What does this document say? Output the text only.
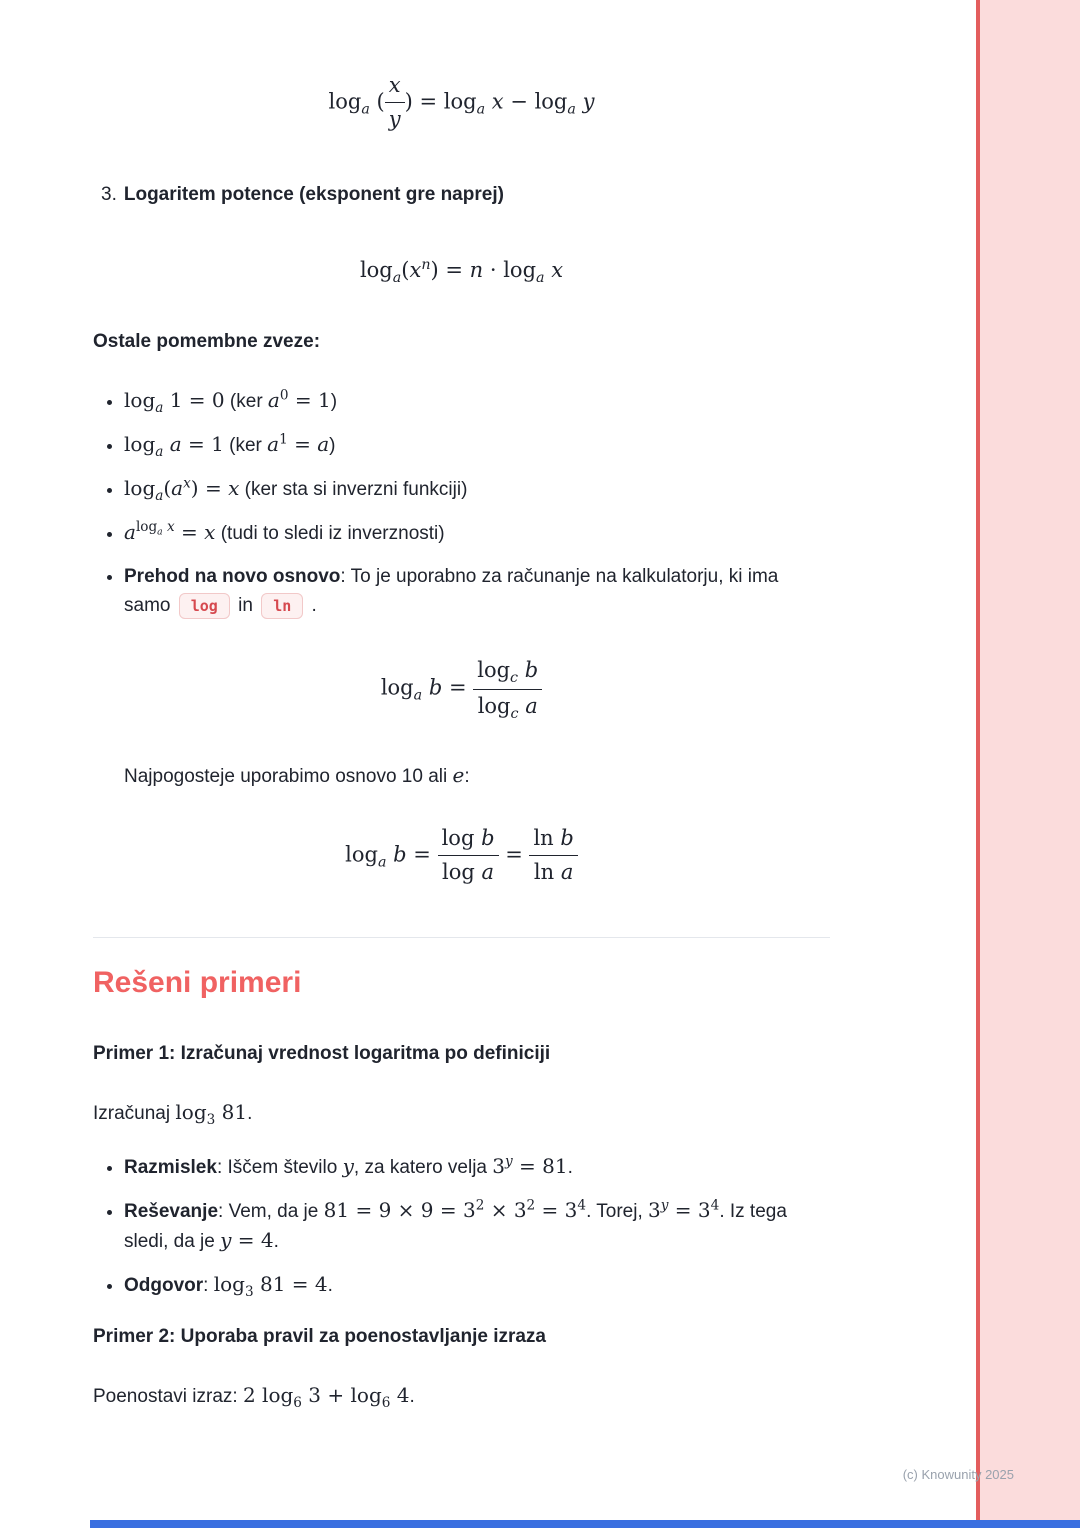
$\log_a$ ( $\frac{x}{y}$ ) = $\log_a x - \log_a y$
3. Logaritem potence (eksponent gre naprej)
$\log_a(x^n) = n \cdot \log_a x$
Ostale pomembne zveze:
• $\log_a 1 = 0$ (ker $a^0 = 1$)
• $\log_a a = 1$ (ker $a^1 = a$)
• $\log_a(a^x) = x$ (ker sta si inverzni funkciji)
• $a^{log_a x} = x$ (tudi to sledi iz inverznosti)
• Prehod na novo osnovo: To je uporabno za računanje na kalkulatorju, ki ima samo log in ln .
$\log_a b = \frac{\log_c b}{\log_c a}$

Najpogosteje uporabimo osnovo 10 ali e:

$\log_a b = \frac{\text{log b}}{\text{log a}} = \frac{\text{ln b}}{\text{ln a}}$
Rešeni primeri
Primer 1: Izračunaj vrednost logaritma po definiciji

Izračunaj $\log_3 81$.

• Razmislek: Iščem število y, za katero velja $3^y = 81$.
• Reševanje: Vem, da je $81 = 9 \times 9 = 3^2 \times 3^2 = 3^4$. Torej, $3^y = 3^4$. Iz tega sledi, da je y = 4.
• Odgovor: $\log_3 81 = 4$.
Primer 2: Uporaba pravil za poenostavljanje izraza

Poenostavi izraz: 2 $\log_6 3 + \log_6 4$.

(c) Knowunity 2025
